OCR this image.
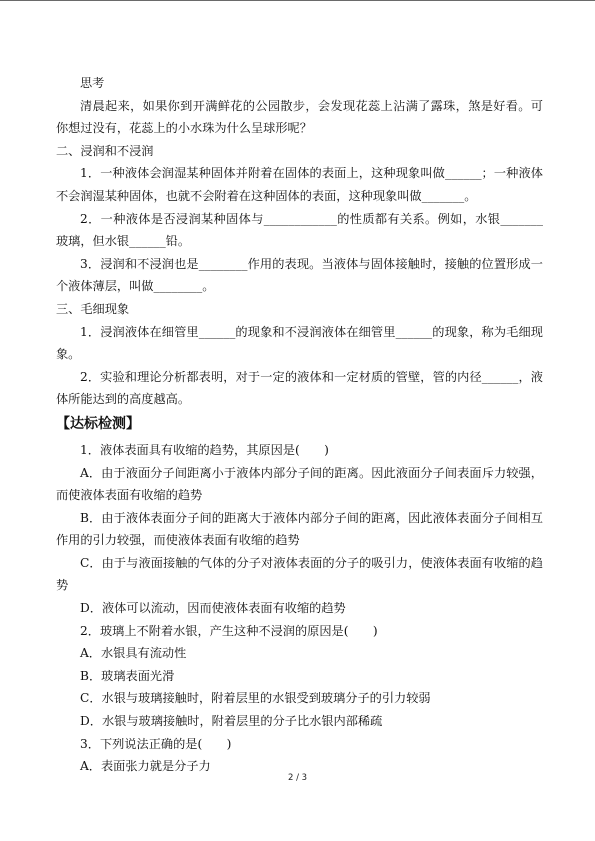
思考

清晨起来，如果你到开满鲜花的公园散步，会发现花蕊上沾满了露珠，煞是好看。可你想过没有，花蕊上的小水珠为什么呈球形呢？

二、浸润和不浸润

1．一种液体会润湿某种固体并附着在固体的表面上，这种现象叫做______；一种液体不会润湿某种固体，也就不会附着在这种固体的表面，这种现象叫做_______。

2．一种液体是否浸润某种固体与____________的性质都有关系。例如，水银_______玻璃，但水银______铅。

3．浸润和不浸润也是________作用的表现。当液体与固体接触时，接触的位置形成一个液体薄层，叫做________。

三、毛细现象

1．浸润液体在细管里______的现象和不浸润液体在细管里______的现象，称为毛细现象。

2．实验和理论分析都表明，对于一定的液体和一定材质的管壁，管的内径______，液体所能达到的高度越高。

【达标检测】

1．液体表面具有收缩的趋势，其原因是(　　)

A．由于液面分子间距离小于液体内部分子间的距离。因此液面分子间表面斥力较强，而使液体表面有收缩的趋势

B．由于液体表面分子间的距离大于液体内部分子间的距离，因此液体表面分子间相互作用的引力较强，而使液体表面有收缩的趋势

C．由于与液面接触的气体的分子对液体表面的分子的吸引力，使液体表面有收缩的趋势

D．液体可以流动，因而使液体表面有收缩的趋势

2．玻璃上不附着水银，产生这种不浸润的原因是(　　)

A．水银具有流动性

B．玻璃表面光滑

C．水银与玻璃接触时，附着层里的水银受到玻璃分子的引力较弱

D．水银与玻璃接触时，附着层里的分子比水银内部稀疏

3．下列说法正确的是(　　)

A．表面张力就是分子力

2 / 3
